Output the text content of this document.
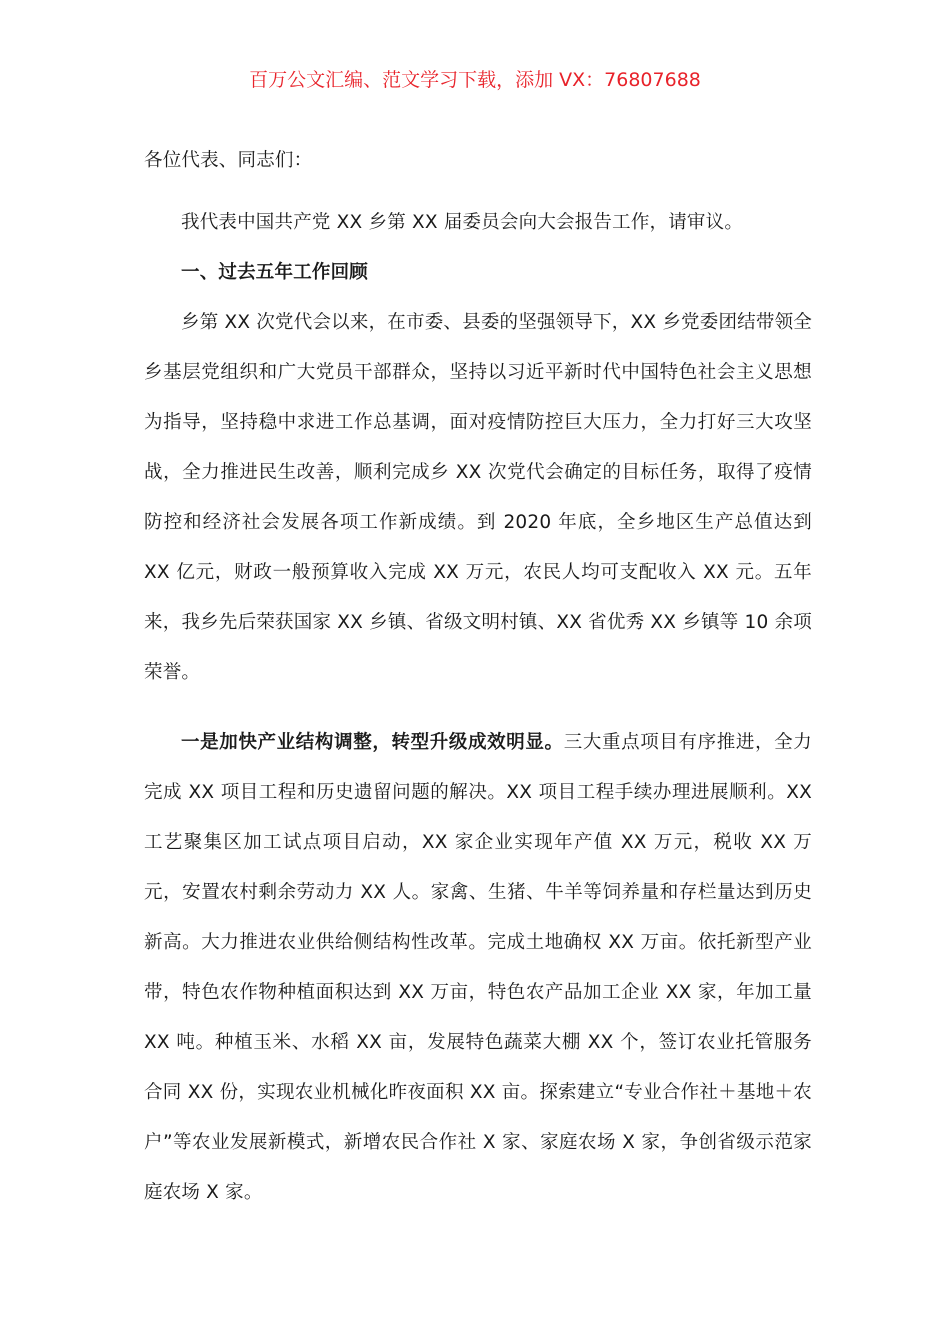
百万公文汇编、范文学习下载，添加 VX：76807688

各位代表、同志们：

我代表中国共产党 XX 乡第 XX 届委员会向大会报告工作，请审议。

一、过去五年工作回顾

乡第 XX 次党代会以来，在市委、县委的坚强领导下，XX 乡党委团结带领全乡基层党组织和广大党员干部群众，坚持以习近平新时代中国特色社会主义思想为指导，坚持稳中求进工作总基调，面对疫情防控巨大压力，全力打好三大攻坚战，全力推进民生改善，顺利完成乡 XX 次党代会确定的目标任务，取得了疫情防控和经济社会发展各项工作新成绩。到 2020 年底，全乡地区生产总值达到 XX 亿元，财政一般预算收入完成 XX 万元，农民人均可支配收入 XX 元。五年来，我乡先后荣获国家 XX 乡镇、省级文明村镇、XX 省优秀 XX 乡镇等 10 余项荣誉。

一是加快产业结构调整，转型升级成效明显。三大重点项目有序推进，全力完成 XX 项目工程和历史遗留问题的解决。XX 项目工程手续办理进展顺利。XX 工艺聚集区加工试点项目启动，XX 家企业实现年产值 XX 万元，税收 XX 万元，安置农村剩余劳动力 XX 人。家禽、生猪、牛羊等饲养量和存栏量达到历史新高。大力推进农业供给侧结构性改革。完成土地确权 XX 万亩。依托新型产业带，特色农作物种植面积达到 XX 万亩，特色农产品加工企业 XX 家，年加工量 XX 吨。种植玉米、水稻 XX 亩，发展特色蔬菜大棚 XX 个，签订农业托管服务合同 XX 份，实现农业机械化昨夜面积 XX 亩。探索建立“专业合作社＋基地＋农户”等农业发展新模式，新增农民合作社 X 家、家庭农场 X 家，争创省级示范家庭农场 X 家。
